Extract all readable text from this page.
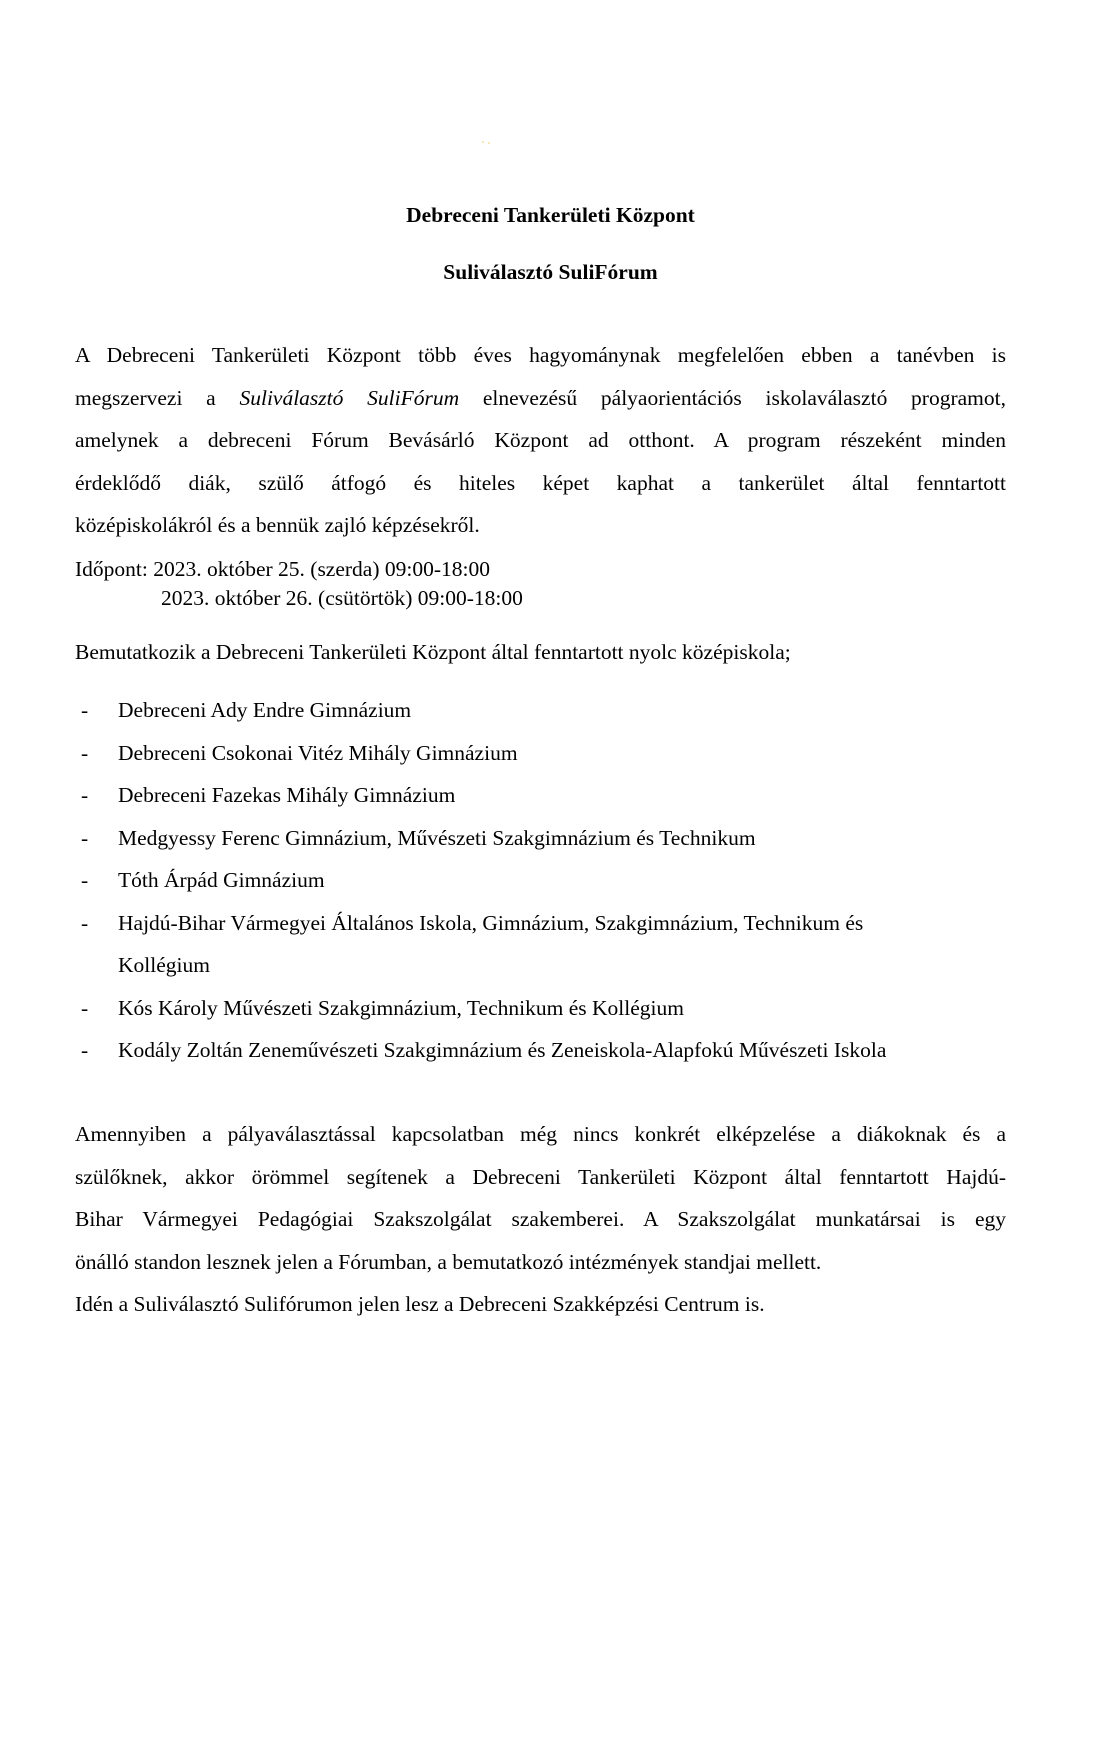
Debreceni Tankerületi Központ
Suliválasztó SuliFórum
A Debreceni Tankerületi Központ több éves hagyománynak megfelelően ebben a tanévben is
megszervezi a Suliválasztó SuliFórum elnevezésű pályaorientációs iskolaválasztó programot,
amelynek a debreceni Fórum Bevásárló Központ ad otthont. A program részeként minden
érdeklődő diák, szülő átfogó és hiteles képet kaphat a tankerület által fenntartott
középiskolákról és a bennük zajló képzésekről.
Időpont: 2023. október 25. (szerda) 09:00-18:00
2023. október 26. (csütörtök) 09:00-18:00
Bemutatkozik a Debreceni Tankerületi Központ által fenntartott nyolc középiskola;
- Debreceni Ady Endre Gimnázium
- Debreceni Csokonai Vitéz Mihály Gimnázium
- Debreceni Fazekas Mihály Gimnázium
- Medgyessy Ferenc Gimnázium, Művészeti Szakgimnázium és Technikum
- Tóth Árpád Gimnázium
- Hajdú-Bihar Vármegyei Általános Iskola, Gimnázium, Szakgimnázium, Technikum és
Kollégium
- Kós Károly Művészeti Szakgimnázium, Technikum és Kollégium
- Kodály Zoltán Zeneművészeti Szakgimnázium és Zeneiskola-Alapfokú Művészeti Iskola
Amennyiben a pályaválasztással kapcsolatban még nincs konkrét elképzelése a diákoknak és a
szülőknek, akkor örömmel segítenek a Debreceni Tankerületi Központ által fenntartott Hajdú-
Bihar Vármegyei Pedagógiai Szakszolgálat szakemberei. A Szakszolgálat munkatársai is egy
önálló standon lesznek jelen a Fórumban, a bemutatkozó intézmények standjai mellett.
Idén a Suliválasztó Sulifórumon jelen lesz a Debreceni Szakképzési Centrum is.
